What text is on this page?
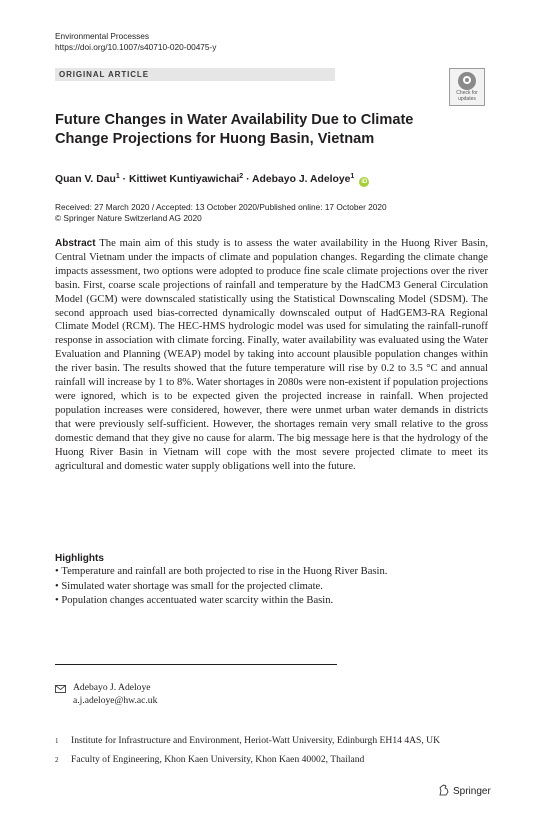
Environmental Processes
https://doi.org/10.1007/s40710-020-00475-y
ORIGINAL ARTICLE
Check for updates
Future Changes in Water Availability Due to Climate Change Projections for Huong Basin, Vietnam
Quan V. Dau$^1$ · Kittiwet Kuntiyawichai$^2$ · Adebayo J. Adeloye$^1$ iD
Received: 27 March 2020 / Accepted: 13 October 2020/Published online: 17 October 2020
© Springer Nature Switzerland AG 2020
Abstract The main aim of this study is to assess the water availability in the Huong River Basin, Central Vietnam under the impacts of climate and population changes. Regarding the climate change impacts assessment, two options were adopted to produce fine scale climate projections over the river basin. First, coarse scale projections of rainfall and temperature by the HadCM3 General Circulation Model (GCM) were downscaled statistically using the Statistical Downscaling Model (SDSM). The second approach used bias-corrected dynamically downscaled output of HadGEM3-RA Regional Climate Model (RCM). The HEC-HMS hydrologic model was used for simulating the rainfall-runoff response in association with climate forcing. Finally, water availability was evaluated using the Water Evaluation and Planning (WEAP) model by taking into account plausible population changes within the river basin. The results showed that the future temperature will rise by 0.2 to 3.5 °C and annual rainfall will increase by 1 to 8%. Water shortages in 2080s were non-existent if population projections were ignored, which is to be expected given the projected increase in rainfall. When projected population increases were considered, however, there were unmet urban water demands in districts that were previously self-sufficient. However, the shortages remain very small relative to the gross domestic demand that they give no cause for alarm. The big message here is that the hydrology of the Huong River Basin in Vietnam will cope with the most severe projected climate to meet its agricultural and domestic water supply obligations well into the future.
Highlights
• Temperature and rainfall are both projected to rise in the Huong River Basin.
• Simulated water shortage was small for the projected climate.
• Population changes accentuated water scarcity within the Basin.
Adebayo J. Adeloye
a.j.adeloye@hw.ac.uk
1 Institute for Infrastructure and Environment, Heriot-Watt University, Edinburgh EH14 4AS, UK
2 Faculty of Engineering, Khon Kaen University, Khon Kaen 40002, Thailand
Springer
